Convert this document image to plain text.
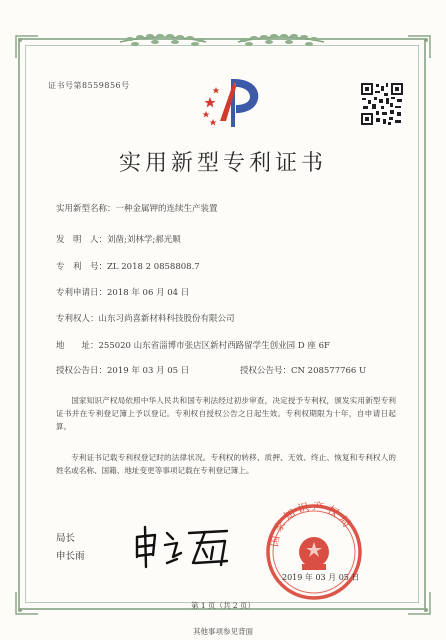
证书号第8559856号
实用新型专利证书
实用新型名称：一种金属钾的连续生产装置
发　明　人：刘凿;刘林学;郝光顺
专　利　号：ZL 2018 2 0858808.7
专利申请日：2018 年 06 月 04 日
专利权人：山东习尚喜新材料科技股份有限公司
地　　址：255020 山东省淄博市张店区新村西路留学生创业园 D 座 6F
授权公告日：2019 年 03 月 05 日	授权公告号：CN 208577766 U
国家知识产权局依照中华人民共和国专利法经过初步审查，决定授予专利权，颁发实用新型专利证书并在专利登记簿上予以登记。专利权自授权公告之日起生效。专利权期限为十年，自申请日起算。
专利证书记载专利权登记时的法律状况。专利权的转移、质押、无效、终止、恢复和专利权人的姓名或名称、国籍、地址变更等事项记载在专利登记簿上。
局长
申长雨
国家知识产权局
2019 年 03 月 05 日
第 1 页（共 2 页）
其他事项参见背面
